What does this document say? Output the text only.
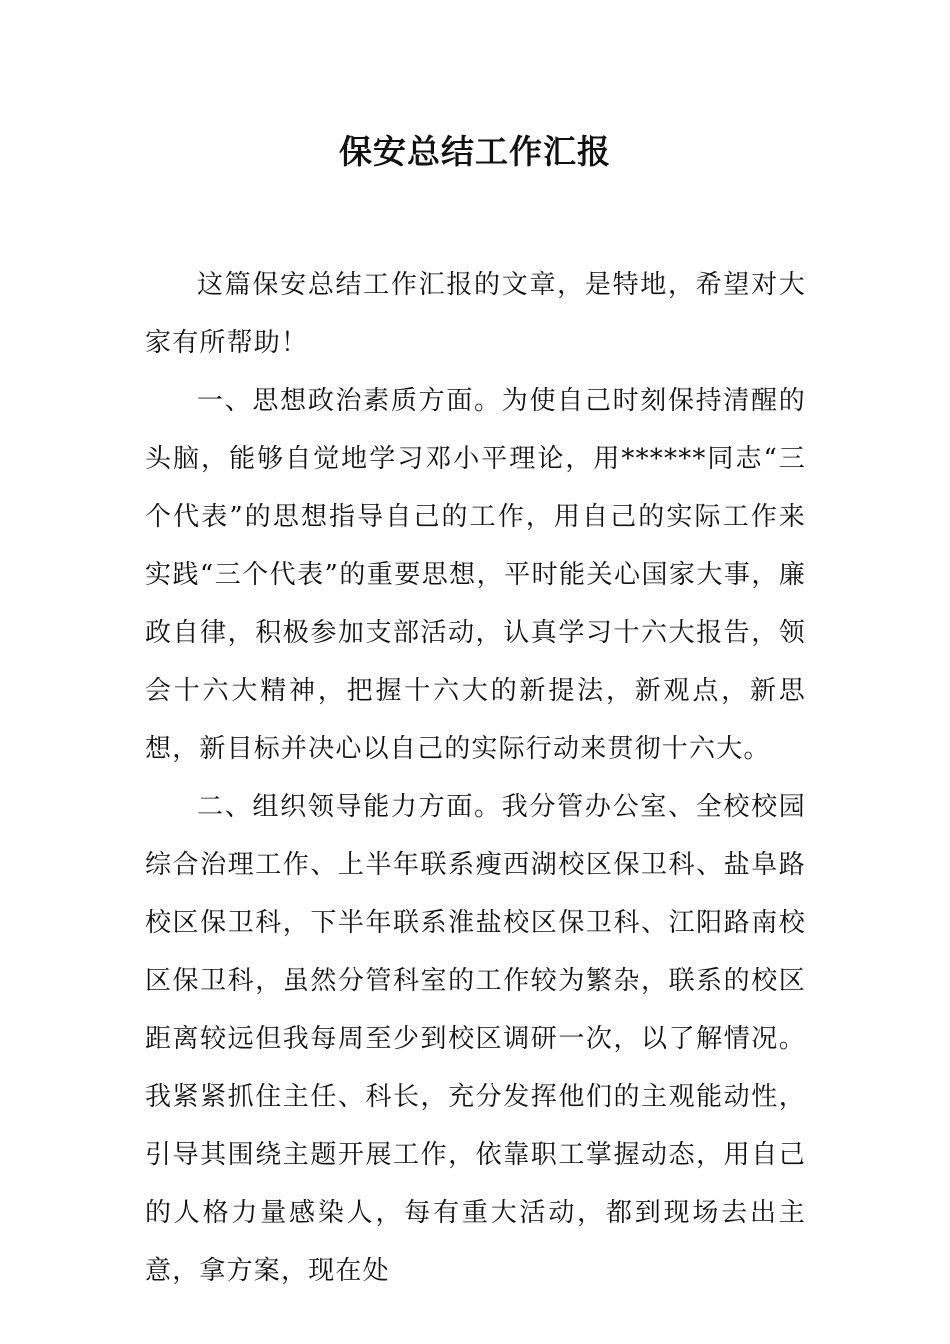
保安总结工作汇报

这篇保安总结工作汇报的文章，是特地，希望对大家有所帮助！

一、思想政治素质方面。为使自己时刻保持清醒的头脑，能够自觉地学习邓小平理论，用******同志“三个代表”的思想指导自己的工作，用自己的实际工作来实践“三个代表”的重要思想，平时能关心国家大事，廉政自律，积极参加支部活动，认真学习十六大报告，领会十六大精神，把握十六大的新提法，新观点，新思想，新目标并决心以自己的实际行动来贯彻十六大。

二、组织领导能力方面。我分管办公室、全校校园综合治理工作、上半年联系瘦西湖校区保卫科、盐阜路校区保卫科，下半年联系淮盐校区保卫科、江阳路南校区保卫科，虽然分管科室的工作较为繁杂，联系的校区距离较远但我每周至少到校区调研一次，以了解情况。我紧紧抓住主任、科长，充分发挥他们的主观能动性，引导其围绕主题开展工作，依靠职工掌握动态，用自己的人格力量感染人，每有重大活动，都到现场去出主意，拿方案，现在处
